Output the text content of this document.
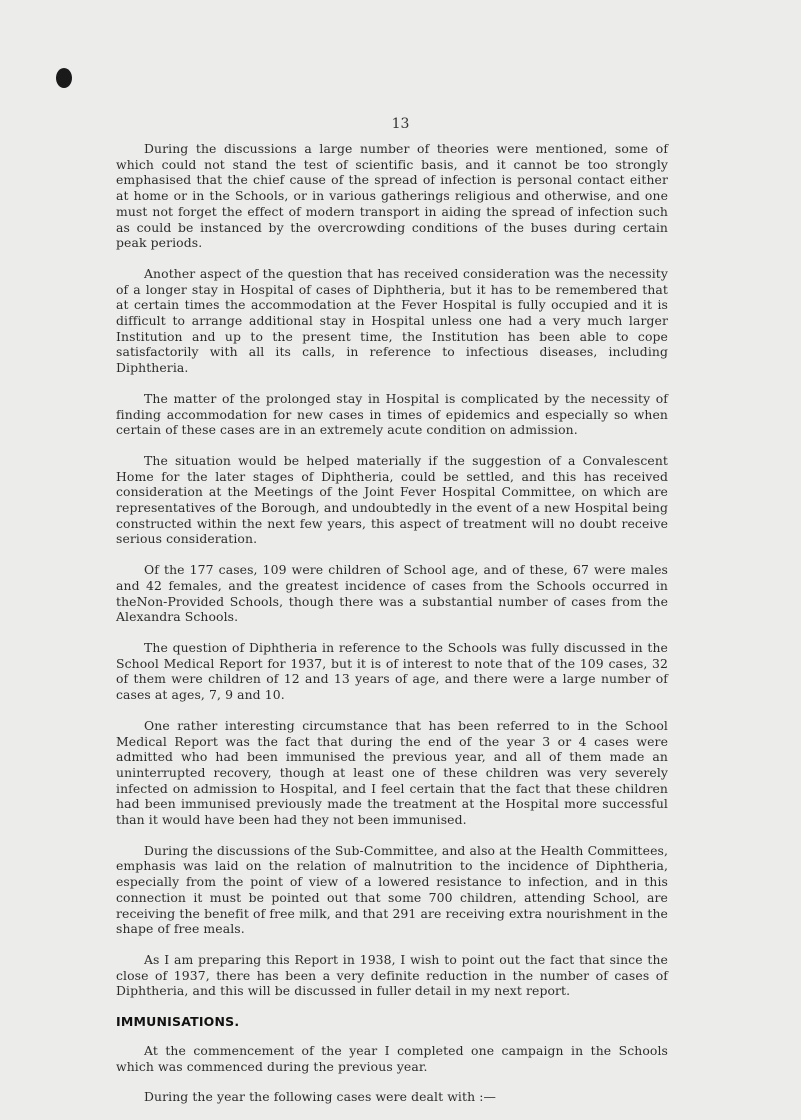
13

During the discussions a large number of theories were mentioned, some of which could not stand the test of scientific basis, and it cannot be too strongly emphasised that the chief cause of the spread of infection is personal contact either at home or in the Schools, or in various gatherings religious and otherwise, and one must not forget the effect of modern transport in aiding the spread of infection such as could be instanced by the overcrowding conditions of the buses during certain peak periods.

Another aspect of the question that has received consideration was the necessity of a longer stay in Hospital of cases of Diphtheria, but it has to be remembered that at certain times the accommodation at the Fever Hospital is fully occupied and it is difficult to arrange additional stay in Hospital unless one had a very much larger Institution and up to the present time, the Institution has been able to cope satisfactorily with all its calls, in reference to infectious diseases, including Diphtheria.

The matter of the prolonged stay in Hospital is complicated by the necessity of finding accommodation for new cases in times of epidemics and especially so when certain of these cases are in an extremely acute condition on admission.

The situation would be helped materially if the suggestion of a Convalescent Home for the later stages of Diphtheria, could be settled, and this has received consideration at the Meetings of the Joint Fever Hospital Committee, on which are representatives of the Borough, and undoubtedly in the event of a new Hospital being constructed within the next few years, this aspect of treatment will no doubt receive serious consideration.

Of the 177 cases, 109 were children of School age, and of these, 67 were males and 42 females, and the greatest incidence of cases from the Schools occurred in theNon-Provided Schools, though there was a substantial number of cases from the Alexandra Schools.

The question of Diphtheria in reference to the Schools was fully discussed in the School Medical Report for 1937, but it is of interest to note that of the 109 cases, 32 of them were children of 12 and 13 years of age, and there were a large number of cases at ages, 7, 9 and 10.

One rather interesting circumstance that has been referred to in the School Medical Report was the fact that during the end of the year 3 or 4 cases were admitted who had been immunised the previous year, and all of them made an uninterrupted recovery, though at least one of these children was very severely infected on admission to Hospital, and I feel certain that the fact that these children had been immunised previously made the treatment at the Hospital more successful than it would have been had they not been immunised.

During the discussions of the Sub-Committee, and also at the Health Committees, emphasis was laid on the relation of malnutrition to the incidence of Diphtheria, especially from the point of view of a lowered resistance to infection, and in this connection it must be pointed out that some 700 children, attending School, are receiving the benefit of free milk, and that 291 are receiving extra nourishment in the shape of free meals.

As I am preparing this Report in 1938, I wish to point out the fact that since the close of 1937, there has been a very definite reduction in the number of cases of Diphtheria, and this will be discussed in fuller detail in my next report.

IMMUNISATIONS.

At the commencement of the year I completed one campaign in the Schools which was commenced during the previous year.

During the year the following cases were dealt with :—
